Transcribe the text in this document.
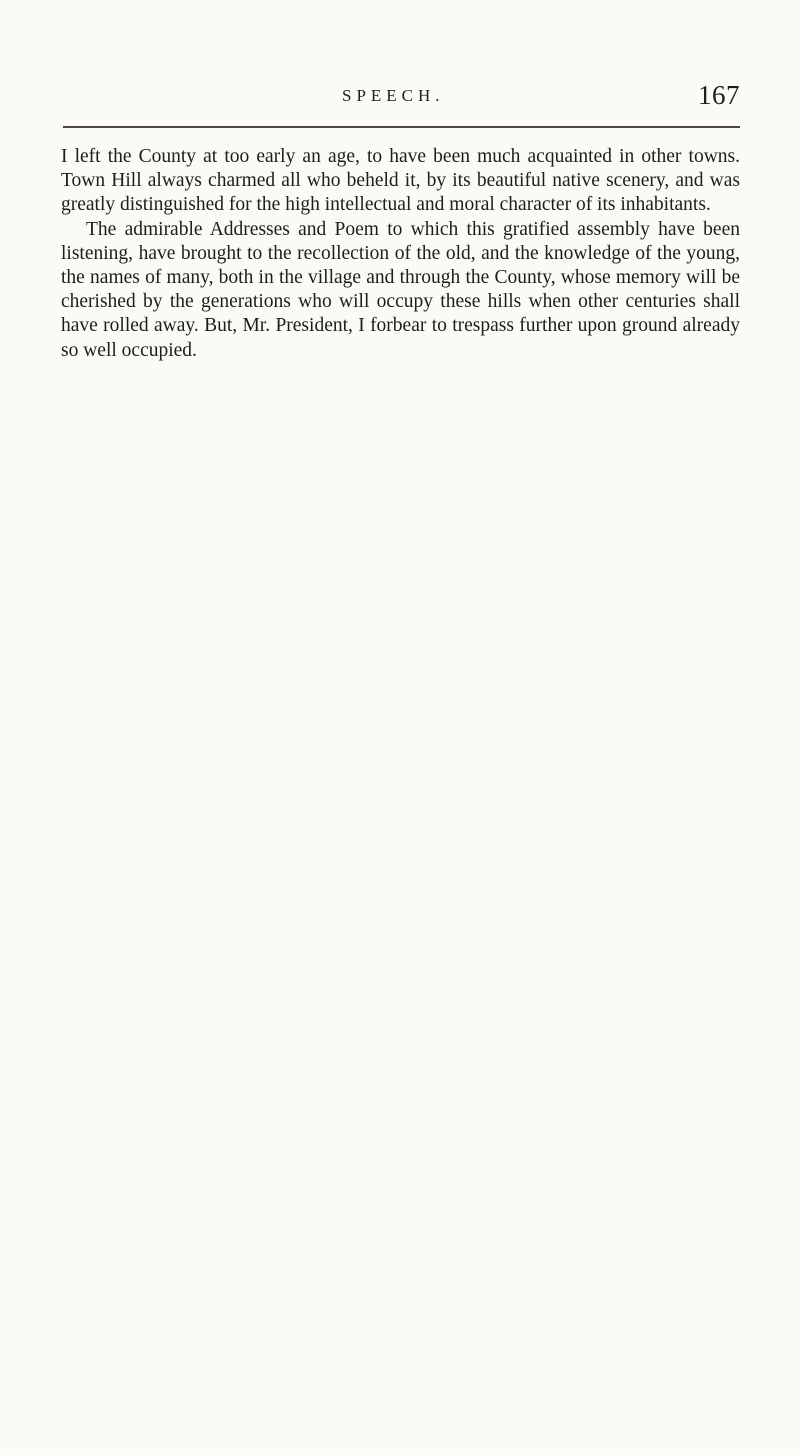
SPEECH.	167

I left the County at too early an age, to have been much acquainted in other towns. Town Hill always charmed all who beheld it, by its beautiful native scenery, and was greatly distinguished for the high intellectual and moral character of its inhabitants.

The admirable Addresses and Poem to which this gratified assembly have been listening, have brought to the recollection of the old, and the knowledge of the young, the names of many, both in the village and through the County, whose memory will be cherished by the generations who will occupy these hills when other centuries shall have rolled away. But, Mr. President, I forbear to trespass further upon ground already so well occupied.
